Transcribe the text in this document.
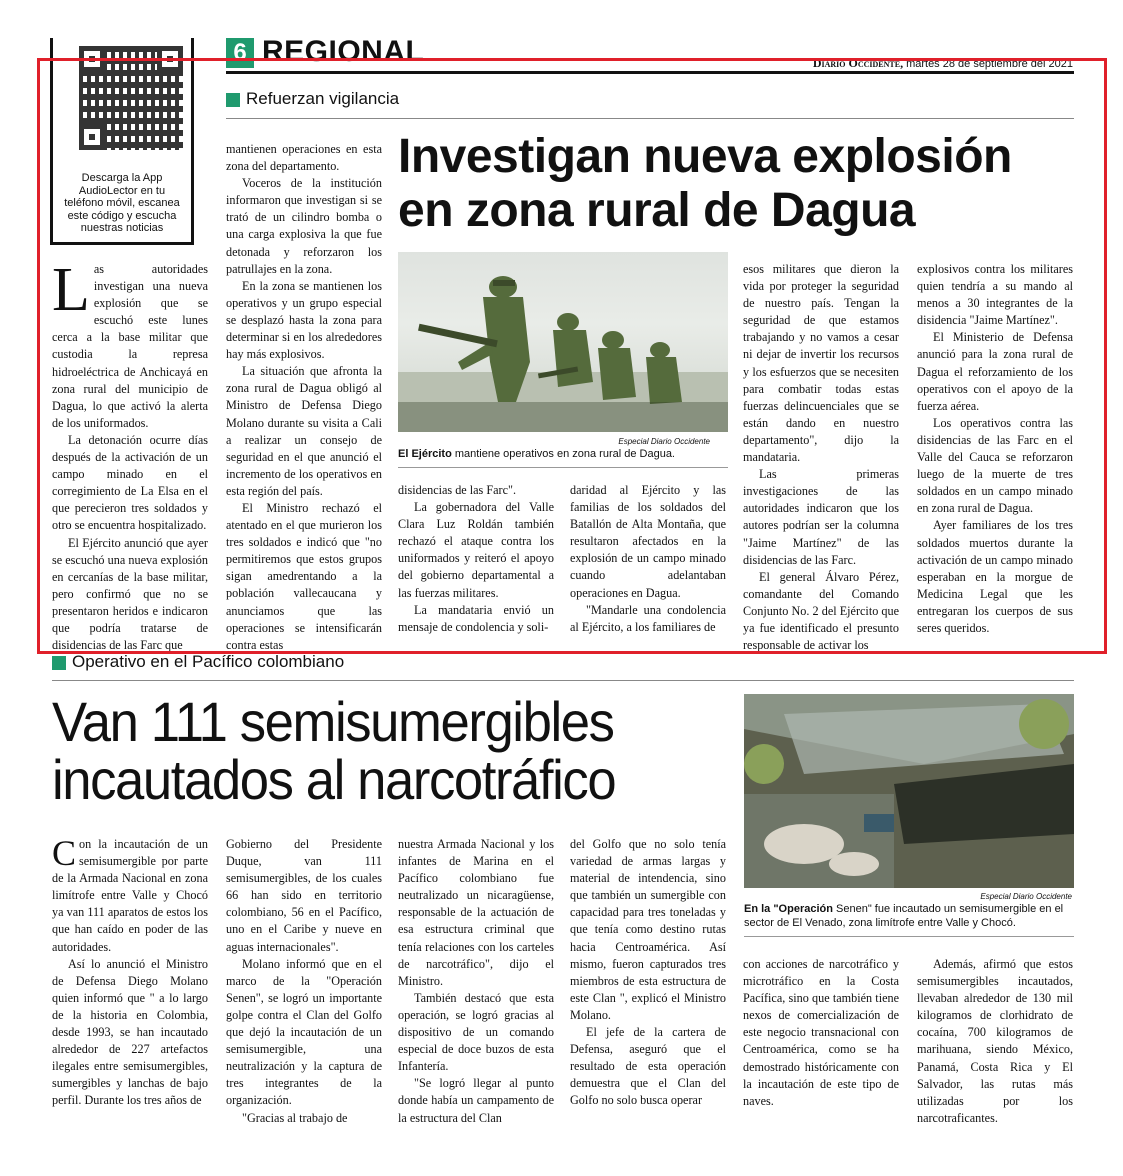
6 REGIONAL	Diario Occidente, martes 28 de septiembre del 2021
Descarga la App AudioLector en tu teléfono móvil, escanea este código y escucha nuestras noticias
Refuerzan vigilancia
Investigan nueva explosión
en zona rural de Dagua
Especial Diario Occidente
El Ejército mantiene operativos en zona rural de Dagua.

Las autoridades investigan una nueva explosión que se escuchó este lunes cerca a la base militar que custodia la represa hidroeléctrica de Anchicayá en zona rural del municipio de Dagua, lo que activó la alerta de los uniformados.

La detonación ocurre días después de la activación de un campo minado en el corregimiento de La Elsa en el que perecieron tres soldados y otro se encuentra hospitalizado.

El Ejército anunció que ayer se escuchó una nueva explosión en cercanías de la base militar, pero confirmó que no se presentaron heridos e indicaron que podría tratarse de disidencias de las Farc que

mantienen operaciones en esta zona del departamento.

Voceros de la institución informaron que investigan si se trató de un cilindro bomba o una carga explosiva la que fue detonada y reforzaron los patrullajes en la zona.

En la zona se mantienen los operativos y un grupo especial se desplazó hasta la zona para determinar si en los alrededores hay más explosivos.

La situación que afronta la zona rural de Dagua obligó al Ministro de Defensa Diego Molano durante su visita a Cali a realizar un consejo de seguridad en el que anunció el incremento de los operativos en esta región del país.

El Ministro rechazó el atentado en el que murieron los tres soldados e indicó que "no permitiremos que estos grupos sigan amedrentando a la población vallecaucana y anunciamos que las operaciones se intensificarán contra estas

disidencias de las Farc".

La gobernadora del Valle Clara Luz Roldán también rechazó el ataque contra los uniformados y reiteró el apoyo del gobierno departamental a las fuerzas militares.

La mandataria envió un mensaje de condolencia y soli-

daridad al Ejército y las familias de los soldados del Batallón de Alta Montaña, que resultaron afectados en la explosión de un campo minado cuando adelantaban operaciones en Dagua.

"Mandarle una condolencia al Ejército, a los familiares de

esos militares que dieron la vida por proteger la seguridad de nuestro país. Tengan la seguridad de que estamos trabajando y no vamos a cesar ni dejar de invertir los recursos y los esfuerzos que se necesiten para combatir todas estas fuerzas delincuenciales que se están dando en nuestro departamento", dijo la mandataria.

Las primeras investigaciones de las autoridades indicaron que los autores podrían ser la columna "Jaime Martínez" de las disidencias de las Farc.

El general Álvaro Pérez, comandante del Comando Conjunto No. 2 del Ejército que ya fue identificado el presunto responsable de activar los

explosivos contra los militares quien tendría a su mando al menos a 30 integrantes de la disidencia "Jaime Martínez".

El Ministerio de Defensa anunció para la zona rural de Dagua el reforzamiento de los operativos con el apoyo de la fuerza aérea.

Los operativos contra las disidencias de las Farc en el Valle del Cauca se reforzaron luego de la muerte de tres soldados en un campo minado en zona rural de Dagua.

Ayer familiares de los tres soldados muertos durante la activación de un campo minado esperaban en la morgue de Medicina Legal que les entregaran los cuerpos de sus seres queridos.

Operativo en el Pacífico colombiano
Van 111 semisumergibles
incautados al narcotráfico
Especial Diario Occidente
En la "Operación Senen" fue incautado un semisumergible en el sector de El Venado, zona limítrofe entre Valle y Chocó.

Con la incautación de un semisumergible por parte de la Armada Nacional en zona limítrofe entre Valle y Chocó ya van 111 aparatos de estos los que han caído en poder de las autoridades.

Así lo anunció el Ministro de Defensa Diego Molano quien informó que " a lo largo de la historia en Colombia, desde 1993, se han incautado alrededor de 227 artefactos ilegales entre semisumergibles, sumergibles y lanchas de bajo perfil. Durante los tres años de

Gobierno del Presidente Duque, van 111 semisumergibles, de los cuales 66 han sido en territorio colombiano, 56 en el Pacífico, uno en el Caribe y nueve en aguas internacionales".

Molano informó que en el marco de la "Operación Senen", se logró un importante golpe contra el Clan del Golfo que dejó la incautación de un semisumergible, una neutralización y la captura de tres integrantes de la organización.

"Gracias al trabajo de

nuestra Armada Nacional y los infantes de Marina en el Pacífico colombiano fue neutralizado un nicaragüense, responsable de la actuación de esa estructura criminal que tenía relaciones con los carteles de narcotráfico", dijo el Ministro.

También destacó que esta operación, se logró gracias al dispositivo de un comando especial de doce buzos de esta Infantería.

"Se logró llegar al punto donde había un campamento de la estructura del Clan

del Golfo que no solo tenía variedad de armas largas y material de intendencia, sino que también un sumergible con capacidad para tres toneladas y que tenía como destino rutas hacia Centroamérica. Así mismo, fueron capturados tres miembros de esta estructura de este Clan ", explicó el Ministro Molano.

El jefe de la cartera de Defensa, aseguró que el resultado de esta operación demuestra que el Clan del Golfo no solo busca operar

con acciones de narcotráfico y microtráfico en la Costa Pacífica, sino que también tiene nexos de comercialización de este negocio transnacional con Centroamérica, como se ha demostrado históricamente con la incautación de este tipo de naves.

Además, afirmó que estos semisumergibles incautados, llevaban alrededor de 130 mil kilogramos de clorhidrato de cocaína, 700 kilogramos de marihuana, siendo México, Panamá, Costa Rica y El Salvador, las rutas más utilizadas por los narcotraficantes.
